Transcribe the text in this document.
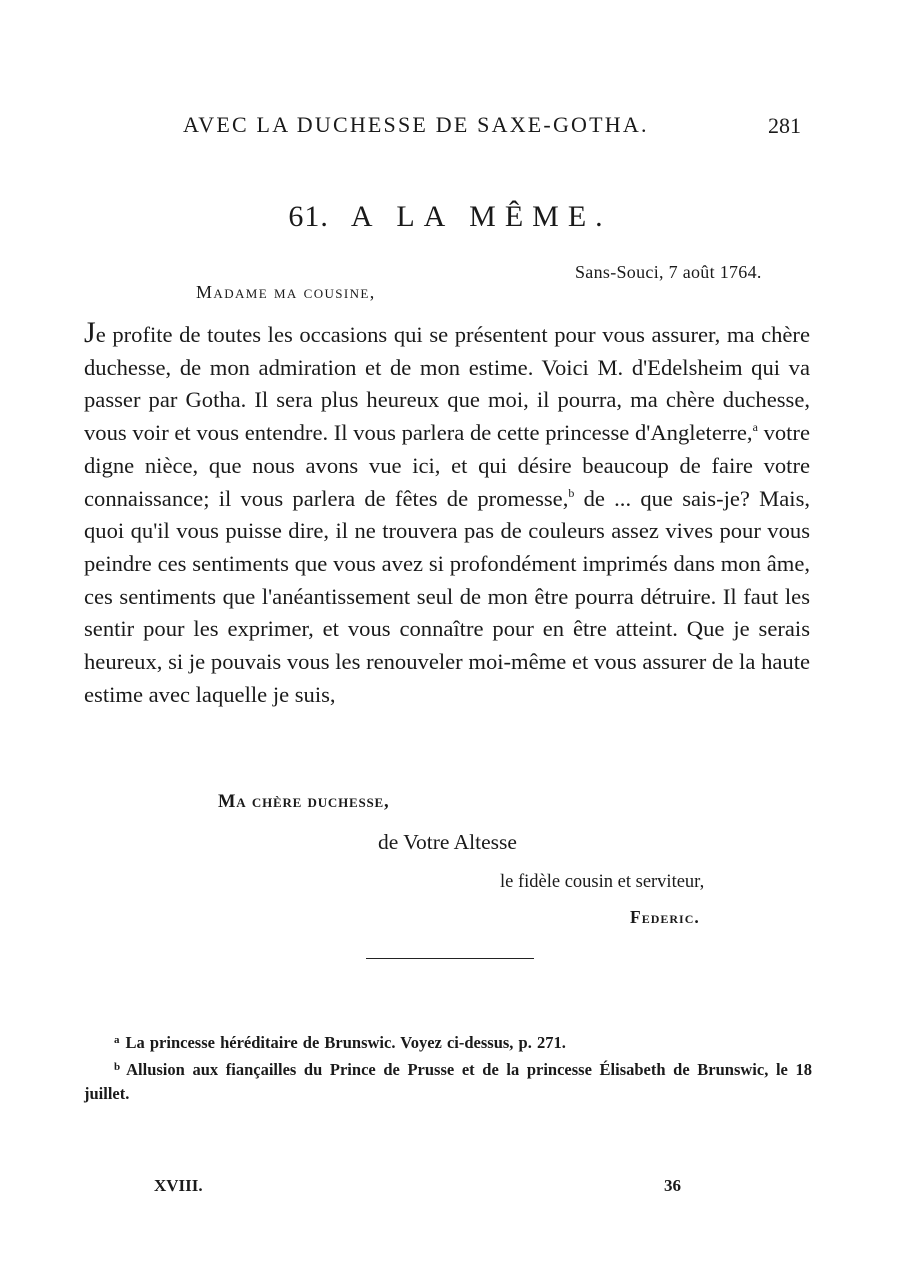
AVEC LA DUCHESSE DE SAXE-GOTHA.	281
61. A LA MÊME.
Sans-Souci, 7 août 1764.
Madame ma cousine,
Je profite de toutes les occasions qui se présentent pour vous assurer, ma chère duchesse, de mon admiration et de mon estime. Voici M. d'Edelsheim qui va passer par Gotha. Il sera plus heureux que moi, il pourra, ma chère duchesse, vous voir et vous entendre. Il vous parlera de cette princesse d'Angleterre,$^a$ votre digne nièce, que nous avons vue ici, et qui désire beaucoup de faire votre connaissance; il vous parlera de fêtes de promesse,$^b$ de ... que sais-je? Mais, quoi qu'il vous puisse dire, il ne trouvera pas de couleurs assez vives pour vous peindre ces sentiments que vous avez si profondément imprimés dans mon âme, ces sentiments que l'anéantissement seul de mon être pourra détruire. Il faut les sentir pour les exprimer, et vous connaître pour en être atteint. Que je serais heureux, si je pouvais vous les renouveler moi-même et vous assurer de la haute estime avec laquelle je suis,
Ma chère duchesse,
de Votre Altesse
le fidèle cousin et serviteur,
Federic.
$^a$ La princesse héréditaire de Brunswic. Voyez ci-dessus, p. 271.
$^b$ Allusion aux fiançailles du Prince de Prusse et de la princesse Élisabeth de Brunswic, le 18 juillet.
XVIII.	36
